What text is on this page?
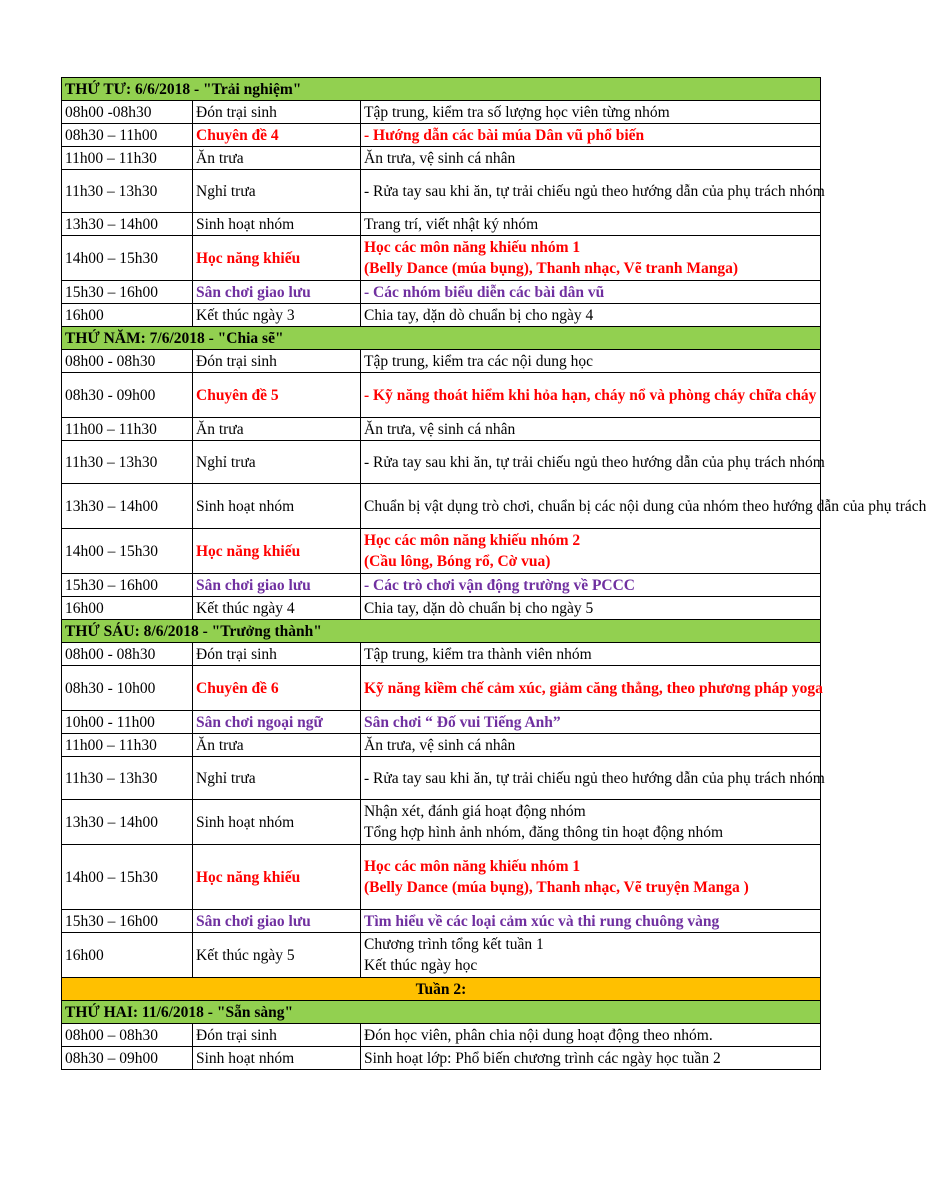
THỨ TƯ: 6/6/2018 - "Trải nghiệm"		
08h00 -08h30	Đón trại sinh	Tập trung, kiểm tra số lượng học viên từng nhóm

08h30 – 11h00	Chuyên đề 4	- Hướng dẫn các bài múa Dân vũ phổ biến

11h00 – 11h30	Ăn trưa	Ăn trưa, vệ sinh cá nhân

11h30 – 13h30	Nghỉ trưa	- Rửa tay sau khi ăn, tự trải chiếu ngủ theo hướng dẫn của phụ trách nhóm

13h30 – 14h00	Sinh hoạt nhóm	Trang trí, viết nhật ký nhóm

14h00 – 15h30	Học năng khiếu	Học các môn năng khiếu nhóm 1
(Belly Dance (múa bụng), Thanh nhạc, Vẽ tranh Manga)

15h30 – 16h00	Sân chơi giao lưu	- Các nhóm biểu diễn các bài dân vũ

16h00	Kết thúc ngày 3	Chia tay, dặn dò chuẩn bị cho ngày 4

THỨ NĂM: 7/6/2018 - "Chia sẽ"		
08h00 - 08h30	Đón trại sinh	Tập trung, kiểm tra các nội dung học

08h30 - 09h00	Chuyên đề 5	- Kỹ năng thoát hiểm khi hỏa hạn, cháy nổ và phòng cháy chữa cháy

11h00 – 11h30	Ăn trưa	Ăn trưa, vệ sinh cá nhân

11h30 – 13h30	Nghỉ trưa	- Rửa tay sau khi ăn, tự trải chiếu ngủ theo hướng dẫn của phụ trách nhóm

13h30 – 14h00	Sinh hoạt nhóm	Chuẩn bị vật dụng trò chơi, chuẩn bị các nội dung của nhóm theo hướng dẫn của phụ trách

14h00 – 15h30	Học năng khiếu	Học các môn năng khiếu nhóm 2
(Cầu lông, Bóng rổ, Cờ vua)

15h30 – 16h00	Sân chơi giao lưu	- Các trò chơi vận động trường về PCCC

16h00	Kết thúc ngày 4	Chia tay, dặn dò chuẩn bị cho ngày 5

THỨ SÁU: 8/6/2018 - "Trưởng thành"		
08h00 - 08h30	Đón trại sinh	Tập trung, kiểm tra thành viên nhóm

08h30 - 10h00	Chuyên đề 6	Kỹ năng kiềm chế cảm xúc, giảm căng thẳng, theo phương pháp yoga

10h00 - 11h00	Sân chơi ngoại ngữ	Sân chơi “ Đố vui Tiếng Anh”

11h00 – 11h30	Ăn trưa	Ăn trưa, vệ sinh cá nhân

11h30 – 13h30	Nghỉ trưa	- Rửa tay sau khi ăn, tự trải chiếu ngủ theo hướng dẫn của phụ trách nhóm

13h30 – 14h00	Sinh hoạt nhóm	Nhận xét, đánh giá hoạt động nhóm
Tổng hợp hình ảnh nhóm, đăng thông tin hoạt động nhóm

14h00 – 15h30	Học năng khiếu	Học các môn năng khiếu nhóm 1
(Belly Dance (múa bụng), Thanh nhạc, Vẽ truyện Manga )

15h30 – 16h00	Sân chơi giao lưu	Tìm hiểu về các loại cảm xúc và thi rung chuông vàng

16h00	Kết thúc ngày 5	Chương trình tổng kết tuần 1
Kết thúc ngày học

Tuần 2:		
THỨ HAI: 11/6/2018 - "Sẵn sàng"		
08h00 – 08h30	Đón trại sinh	Đón học viên, phân chia nội dung hoạt động theo nhóm.

08h30 – 09h00	Sinh hoạt nhóm	Sinh hoạt lớp: Phổ biến chương trình các ngày học tuần 2
